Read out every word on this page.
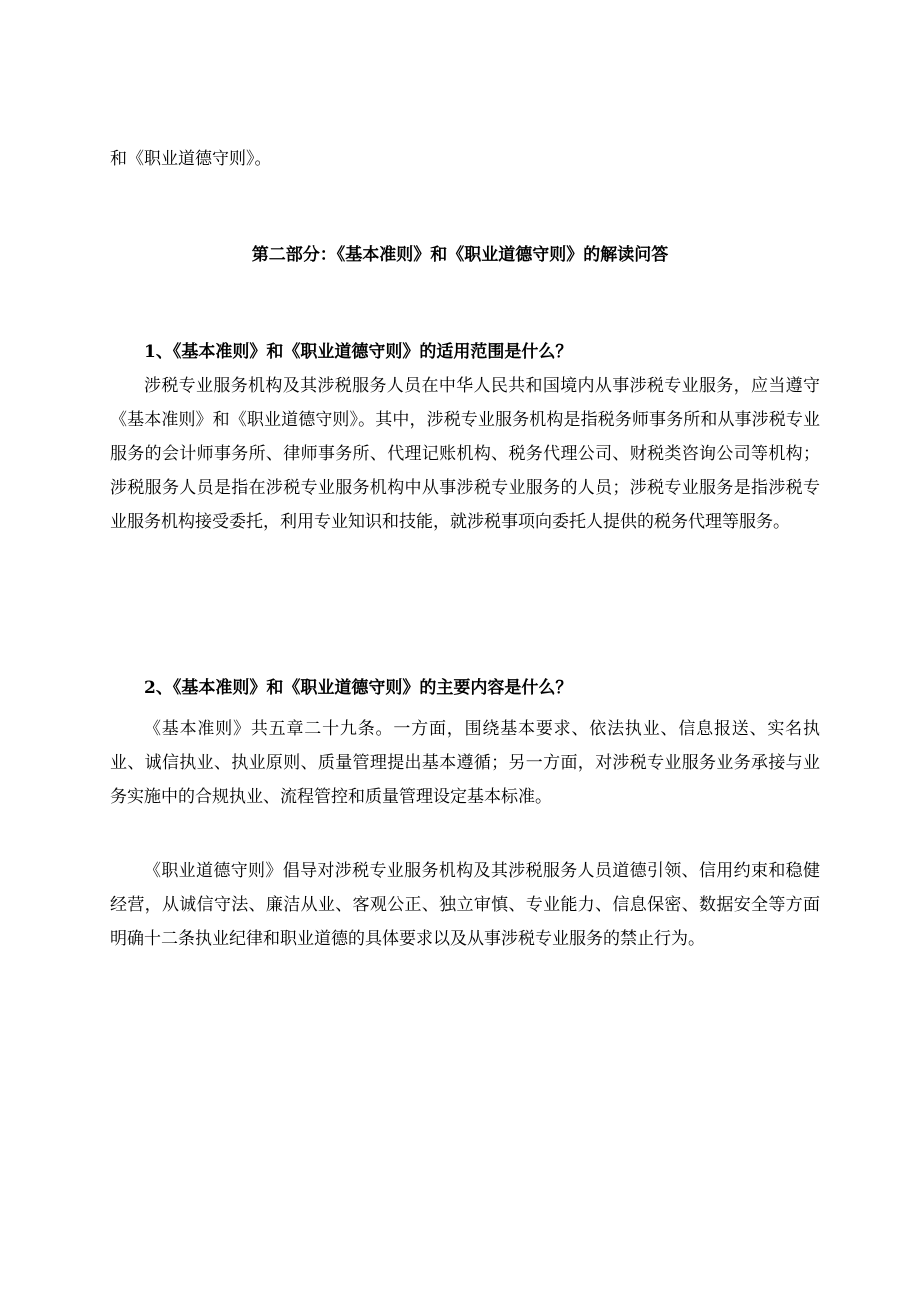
和《职业道德守则》。

第二部分：《基本准则》和《职业道德守则》的解读问答

1、《基本准则》和《职业道德守则》的适用范围是什么？

涉税专业服务机构及其涉税服务人员在中华人民共和国境内从事涉税专业服务，应当遵守《基本准则》和《职业道德守则》。其中，涉税专业服务机构是指税务师事务所和从事涉税专业服务的会计师事务所、律师事务所、代理记账机构、税务代理公司、财税类咨询公司等机构；涉税服务人员是指在涉税专业服务机构中从事涉税专业服务的人员；涉税专业服务是指涉税专业服务机构接受委托，利用专业知识和技能，就涉税事项向委托人提供的税务代理等服务。

2、《基本准则》和《职业道德守则》的主要内容是什么？

《基本准则》共五章二十九条。一方面，围绕基本要求、依法执业、信息报送、实名执业、诚信执业、执业原则、质量管理提出基本遵循；另一方面，对涉税专业服务业务承接与业务实施中的合规执业、流程管控和质量管理设定基本标准。

《职业道德守则》倡导对涉税专业服务机构及其涉税服务人员道德引领、信用约束和稳健经营，从诚信守法、廉洁从业、客观公正、独立审慎、专业能力、信息保密、数据安全等方面明确十二条执业纪律和职业道德的具体要求以及从事涉税专业服务的禁止行为。
